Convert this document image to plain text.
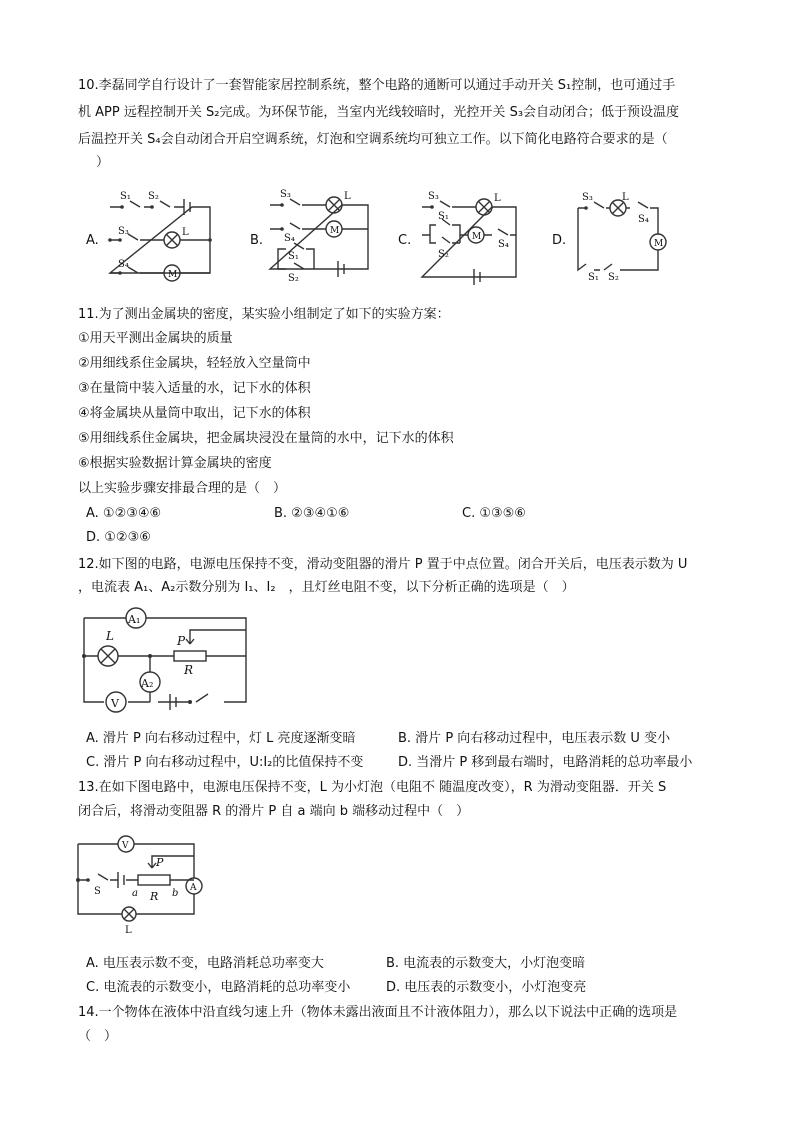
10.李磊同学自行设计了一套智能家居控制系统，整个电路的通断可以通过手动开关 S₁控制，也可通过手
机 APP 远程控制开关 S₂完成。为环保节能，当室内光线较暗时，光控开关 S₃会自动闭合；低于预设温度
后温控开关 S₄会自动闭合开启空调系统，灯泡和空调系统均可独立工作。以下简化电路符合要求的是（
）
A.
S₁ S₂
L
S₃
M
S₄
B.
L
S₃
M
S₄
S₁
S₂
C.
L
S₃
M
S₁
S₂
S₄	D.
S₃	L
S₄
M
S₁ S₂
11.为了测出金属块的密度，某实验小组制定了如下的实验方案：
①用天平测出金属块的质量
②用细线系住金属块，轻轻放入空量筒中
③在量筒中装入适量的水，记下水的体积
④将金属块从量筒中取出，记下水的体积
⑤用细线系住金属块，把金属块浸没在量筒的水中，记下水的体积
⑥根据实验数据计算金属块的密度
以上实验步骤安排最合理的是（　）
A. ①②③④⑥	B. ②③④①⑥	C. ①③⑤⑥
D. ①②③⑥
12.如下图的电路，电源电压保持不变，滑动变阻器的滑片 P 置于中点位置。闭合开关后，电压表示数为 U
，电流表 A₁、A₂示数分别为 I₁、I₂　，且灯丝电阻不变，以下分析正确的选项是（　）
A₁
L	P
R
A₂
V
A. 滑片 P 向右移动过程中，灯 L 亮度逐渐变暗	B. 滑片 P 向右移动过程中，电压表示数 U 变小
C. 滑片 P 向右移动过程中，U:I₂的比值保持不变	D. 当滑片 P 移到最右端时，电路消耗的总功率最小
13.在如下图电路中，电源电压保持不变，L 为小灯泡（电阻不 随温度改变），R 为滑动变阻器．开关 S
闭合后，将滑动变阻器 R 的滑片 P 自 a 端向 b 端移动过程中（　）
V
S
P
a R b A
L
A. 电压表示数不变，电路消耗总功率变大	B. 电流表的示数变大，小灯泡变暗
C. 电流表的示数变小，电路消耗的总功率变小	D. 电压表的示数变小，小灯泡变亮
14.一个物体在液体中沿直线匀速上升（物体未露出液面且不计液体阻力），那么以下说法中正确的选项是
（　）
